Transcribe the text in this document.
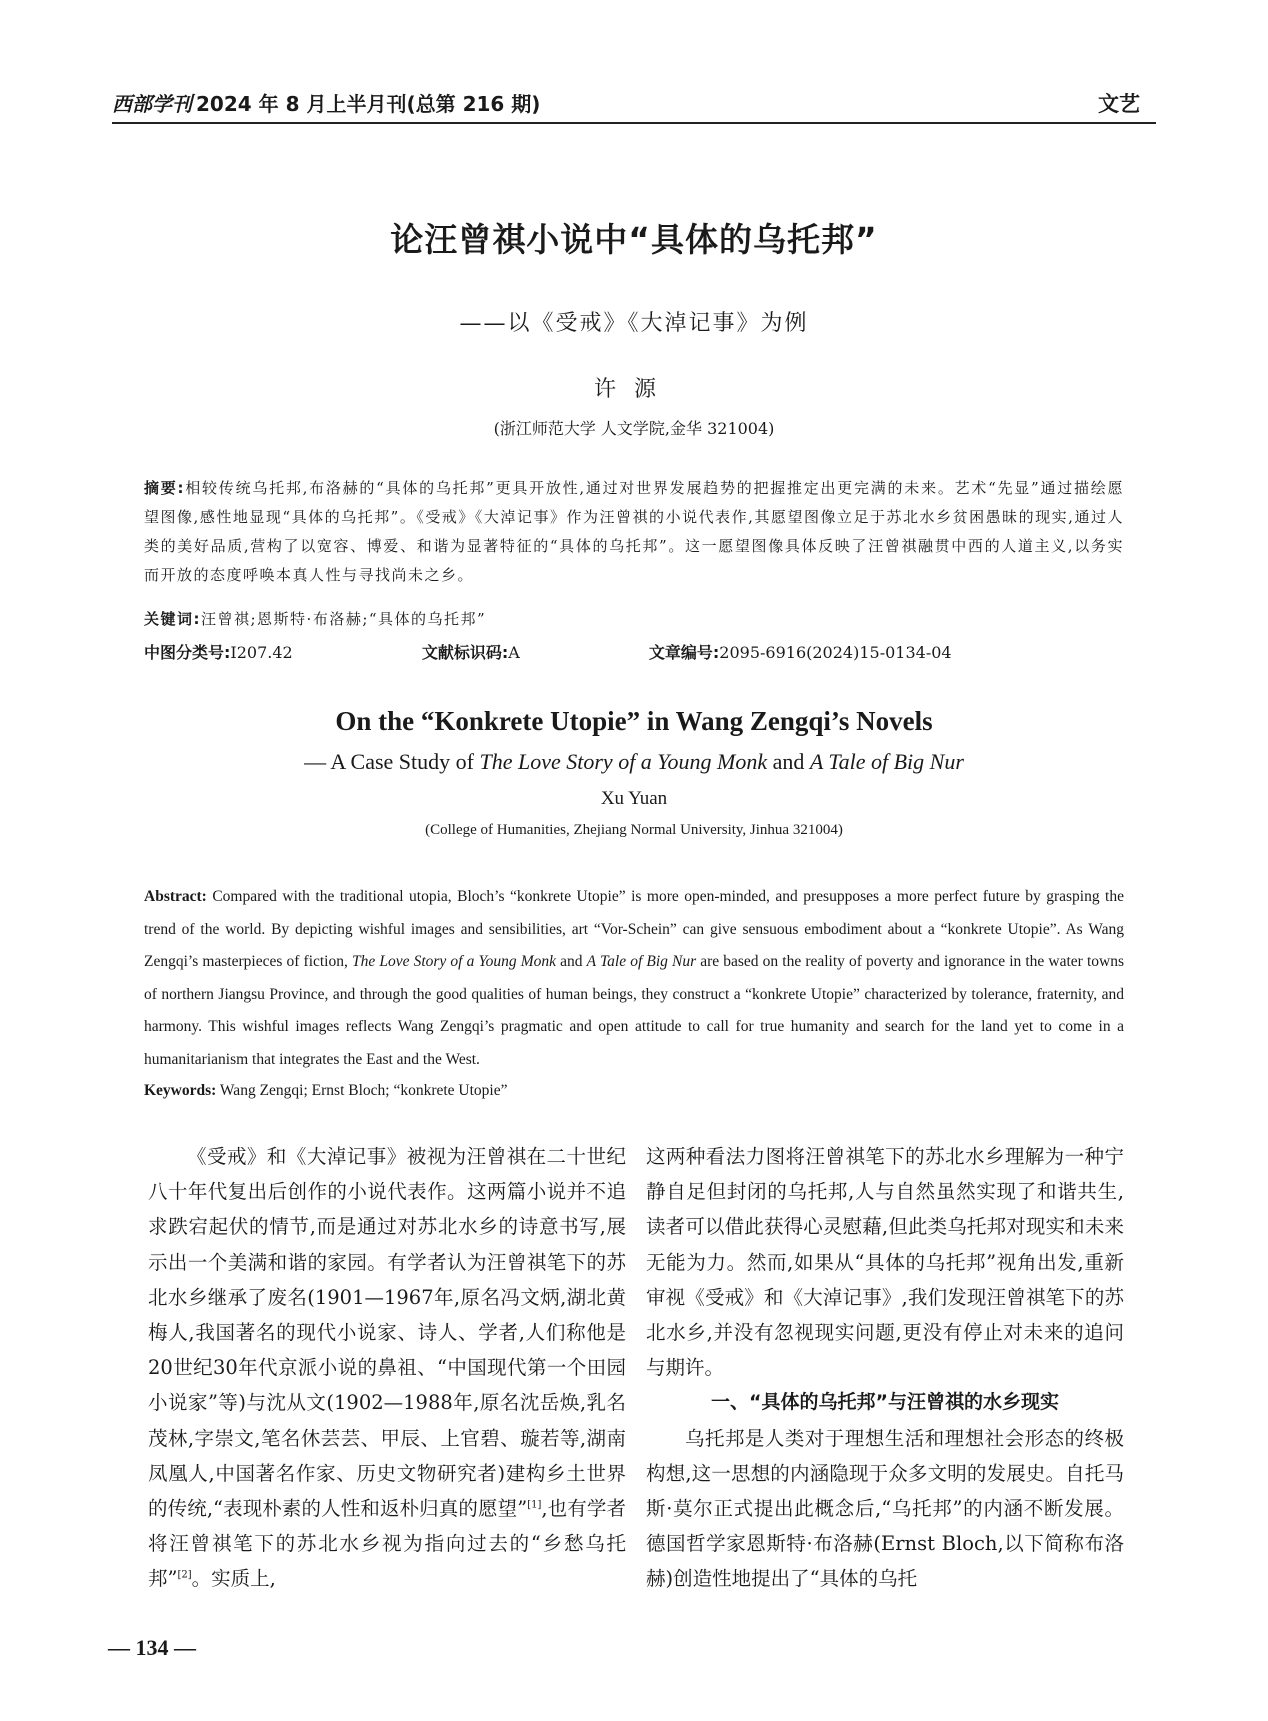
西部学刊 2024 年 8 月上半月刊(总第 216 期)	文艺
论汪曾祺小说中“具体的乌托邦”
——以《受戒》《大淖记事》为例
许源
(浙江师范大学 人文学院,金华 321004)
摘要:相较传统乌托邦,布洛赫的“具体的乌托邦”更具开放性,通过对世界发展趋势的把握推定出更完满的未来。艺术“先显”通过描绘愿望图像,感性地显现“具体的乌托邦”。《受戒》《大淖记事》作为汪曾祺的小说代表作,其愿望图像立足于苏北水乡贫困愚昧的现实,通过人类的美好品质,营构了以宽容、博爱、和谐为显著特征的“具体的乌托邦”。这一愿望图像具体反映了汪曾祺融贯中西的人道主义,以务实而开放的态度呼唤本真人性与寻找尚未之乡。
关键词:汪曾祺;恩斯特·布洛赫;“具体的乌托邦”
中图分类号:I207.42	文献标识码:A	文章编号:2095-6916(2024)15-0134-04
On the “Konkrete Utopie” in Wang Zengqi’s Novels
— A Case Study of The Love Story of a Young Monk and A Tale of Big Nur
Xu Yuan
(College of Humanities, Zhejiang Normal University, Jinhua 321004)
Abstract: Compared with the traditional utopia, Bloch’s “konkrete Utopie” is more open-minded, and presupposes a more perfect future by grasping the trend of the world. By depicting wishful images and sensibilities, art “Vor-Schein” can give sensuous embodiment about a “konkrete Utopie”. As Wang Zengqi’s masterpieces of fiction, The Love Story of a Young Monk and A Tale of Big Nur are based on the reality of poverty and ignorance in the water towns of northern Jiangsu Province, and through the good qualities of human beings, they construct a “konkrete Utopie” characterized by tolerance, fraternity, and harmony. This wishful images reflects Wang Zengqi’s pragmatic and open attitude to call for true humanity and search for the land yet to come in a humanitarianism that integrates the East and the West.
Keywords: Wang Zengqi; Ernst Bloch; “konkrete Utopie”

《受戒》和《大淖记事》被视为汪曾祺在二十世纪八十年代复出后创作的小说代表作。这两篇小说并不追求跌宕起伏的情节,而是通过对苏北水乡的诗意书写,展示出一个美满和谐的家园。有学者认为汪曾祺笔下的苏北水乡继承了废名(1901—1967年,原名冯文炳,湖北黄梅人,我国著名的现代小说家、诗人、学者,人们称他是20世纪30年代京派小说的鼻祖、“中国现代第一个田园小说家”等)与沈从文(1902—1988年,原名沈岳焕,乳名茂林,字崇文,笔名休芸芸、甲辰、上官碧、璇若等,湖南凤凰人,中国著名作家、历史文物研究者)建构乡土世界的传统,“表现朴素的人性和返朴归真的愿望”[1],也有学者将汪曾祺笔下的苏北水乡视为指向过去的“乡愁乌托邦”[2]。实质上,

这两种看法力图将汪曾祺笔下的苏北水乡理解为一种宁静自足但封闭的乌托邦,人与自然虽然实现了和谐共生,读者可以借此获得心灵慰藉,但此类乌托邦对现实和未来无能为力。然而,如果从“具体的乌托邦”视角出发,重新审视《受戒》和《大淖记事》,我们发现汪曾祺笔下的苏北水乡,并没有忽视现实问题,更没有停止对未来的追问与期许。

一、“具体的乌托邦”与汪曾祺的水乡现实

乌托邦是人类对于理想生活和理想社会形态的终极构想,这一思想的内涵隐现于众多文明的发展史。自托马斯·莫尔正式提出此概念后,“乌托邦”的内涵不断发展。德国哲学家恩斯特·布洛赫(Ernst Bloch,以下简称布洛赫)创造性地提出了“具体的乌托

— 134 —
